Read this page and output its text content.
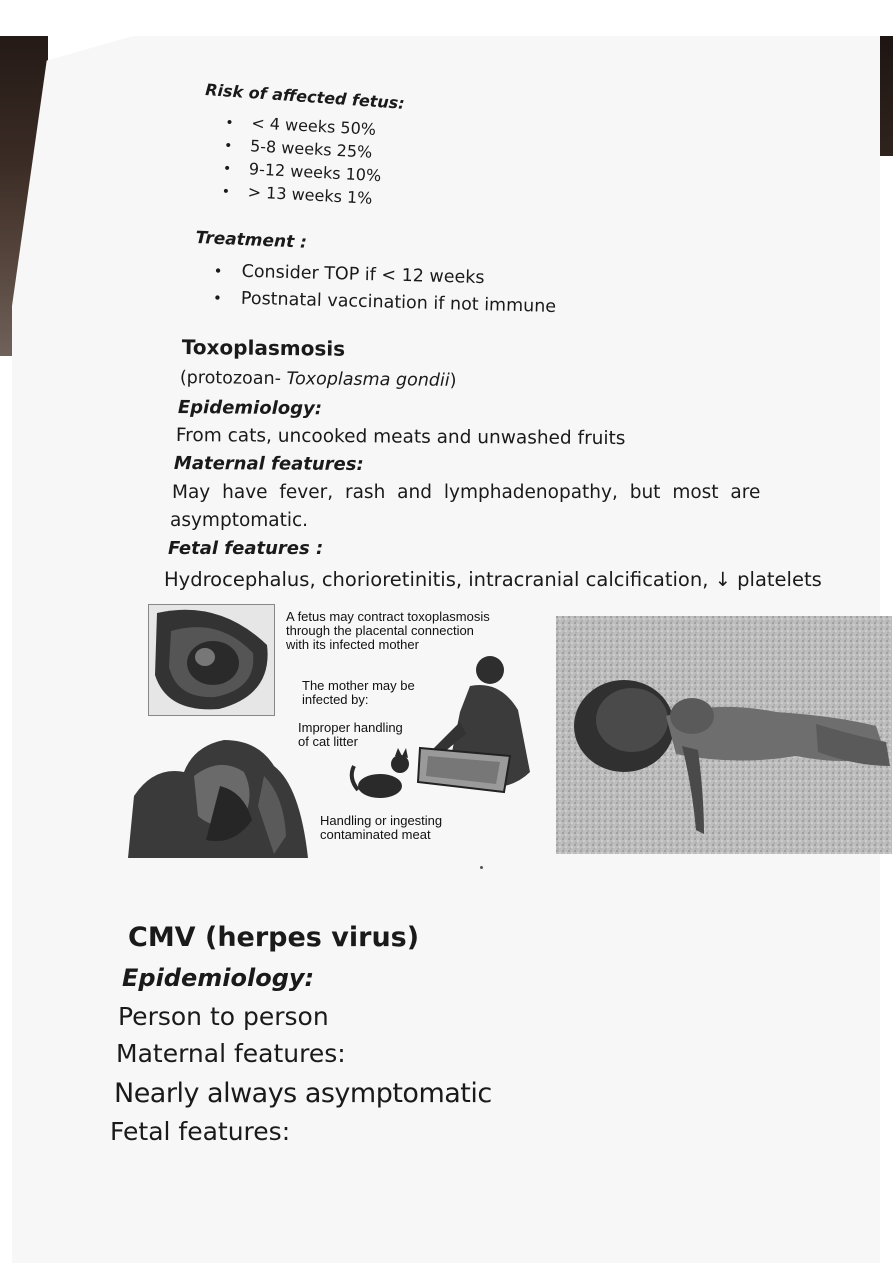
Risk of affected fetus:
• < 4 weeks 50%
• 5-8 weeks 25%
• 9-12 weeks 10%
• > 13 weeks 1%
Treatment :
• Consider TOP if < 12 weeks
• Postnatal vaccination if not immune
Toxoplasmosis
(protozoan- Toxoplasma gondii)
Epidemiology:
From cats, uncooked meats and unwashed fruits
Maternal features:
May have fever, rash and lymphadenopathy, but most are
asymptomatic.
Fetal features :
Hydrocephalus, chorioretinitis, intracranial calcification, ↓ platelets
A fetus may contract toxoplasmosis
through the placental connection
with its infected mother
The mother may be
infected by:
Improper handling
of cat litter
Handling or ingesting
contaminated meat
CMV (herpes virus)
Epidemiology:
Person to person
Maternal features:
Nearly always asymptomatic
Fetal features:
